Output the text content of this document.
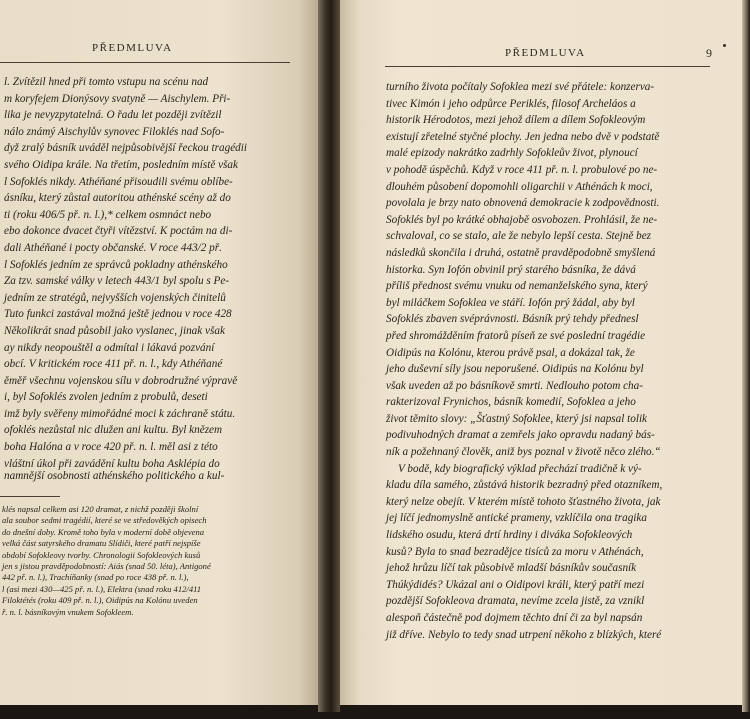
PŘEDMLUVA
l. Zvítězil hned při tomto vstupu na scénu nad
m koryfejem Dionýsovy svatyně — Aischylem. Při-
lika je nevyzpytatelná. O řadu let později zvítězil
nálo známý Aischylův synovec Filoklés nad Sofo-
dyž zralý básník uváděl nejpůsobivější řeckou tragédii
svého Oidipa krále. Na třetím, posledním místě však
l Sofoklés nikdy. Athéňané přisoudili svému oblíbe-
ásníku, který zůstal autoritou athénské scény až do
ti (roku 406/5 př. n. l.),* celkem osmnáct nebo
ebo dokonce dvacet čtyři vítězství. K poctám na di-
dali Athéňané i pocty občanské. V roce 443/2 př.
l Sofoklés jedním ze správců pokladny athénského
Za tzv. samské války v letech 443/1 byl spolu s Pe-
jedním ze stratégů, nejvyšších vojenských činitelů
Tuto funkci zastával možná ještě jednou v roce 428
Několikrát snad působil jako vyslanec, jinak však
ay nikdy neopouštěl a odmítal i lákavá pozvání
obcí. V kritickém roce 411 př. n. l., kdy Athéňané
ěměř všechnu vojenskou sílu v dobrodružné výpravě
i, byl Sofoklés zvolen jedním z probulů, deseti
imž byly svěřeny mimořádné moci k záchraně státu.
ofoklés nezůstal nic dlužen ani kultu. Byl knězem
boha Halóna a v roce 420 př. n. l. měl asi z této
vláštní úkol při zavádění kultu boha Asklépia do
namnější osobnosti athénského politického a kul-
klés napsal celkem asi 120 dramat, z nichž později školní
ala soubor sedmi tragédií, které se ve středověkých opisech
do dnešní doby. Kromě toho byla v moderní době objevena
velká část satyrského dramatu Slídiči, které patří nejspíše
období Sofokleovy tvorby. Chronologii Sofokleových kusů
jen s jistou pravděpodobností: Aiás (snad 50. léta), Antigoné
442 př. n. l.), Trachíňanky (snad po roce 438 př. n. l.),
l (asi mezi 430—425 př. n. l.), Elektra (snad roku 412/411
Filoktétés (roku 409 př. n. l.), Oidipús na Kolónu uveden
ř. n. l. básníkovým vnukem Sofokleem.
PŘEDMLUVA	9
turního života počítaly Sofoklea mezi své přátele: konzerva-
tivec Kimón i jeho odpůrce Periklés, filosof Archeláos a
historik Hérodotos, mezi jehož dílem a dílem Sofokleovým
existují zřetelné styčné plochy. Jen jedna nebo dvě v podstatě
malé epizody nakrátko zadrhly Sofokleův život, plynoucí
v pohodě úspěchů. Když v roce 411 př. n. l. probulové po ne-
dlouhém působení dopomohli oligarchii v Athénách k moci,
povolala je brzy nato obnovená demokracie k zodpovědnosti.
Sofoklés byl po krátké obhajobě osvobozen. Prohlásil, že ne-
schvaloval, co se stalo, ale že nebylo lepší cesta. Stejně bez
následků skončila i druhá, ostatně pravděpodobně smyšlená
historka. Syn Iofón obvinil prý starého básníka, že dává
příliš přednost svému vnuku od nemanželského syna, který
byl miláčkem Sofoklea ve stáří. Iofón prý žádal, aby byl
Sofoklés zbaven svéprávnosti. Básník prý tehdy přednesl
před shromážděním fratorů píseň ze své poslední tragédie
Oidipús na Kolónu, kterou právě psal, a dokázal tak, že
jeho duševní síly jsou neporušené. Oidipús na Kolónu byl
však uveden až po básníkově smrti. Nedlouho potom cha-
rakterizoval Frynichos, básník komedií, Sofoklea a jeho
život těmito slovy: „Šťastný Sofoklee, který jsi napsal tolik
podivuhodných dramat a zemřels jako opravdu nadaný bás-
ník a požehnaný člověk, aniž bys poznal v životě něco zlého.“
V bodě, kdy biografický výklad přechází tradičně k vý-
kladu díla samého, zůstává historik bezradný před otazníkem,
který nelze obejít. V kterém místě tohoto šťastného života, jak
jej líčí jednomyslně antické prameny, vzklíčila ona tragika
lidského osudu, která drtí hrdiny i diváka Sofokleových
kusů? Byla to snad bezradějce tisíců za moru v Athénách,
jehož hrůzu líčí tak působivě mladší básníkův současník
Thúkýdidés? Ukázal ani o Oidipovi králi, který patří mezi
pozdější Sofokleova dramata, nevíme zcela jistě, za vznikl
alespoň částečně pod dojmem těchto dní či za byl napsán
již dříve. Nebylo to tedy snad utrpení někoho z blízkých, které
